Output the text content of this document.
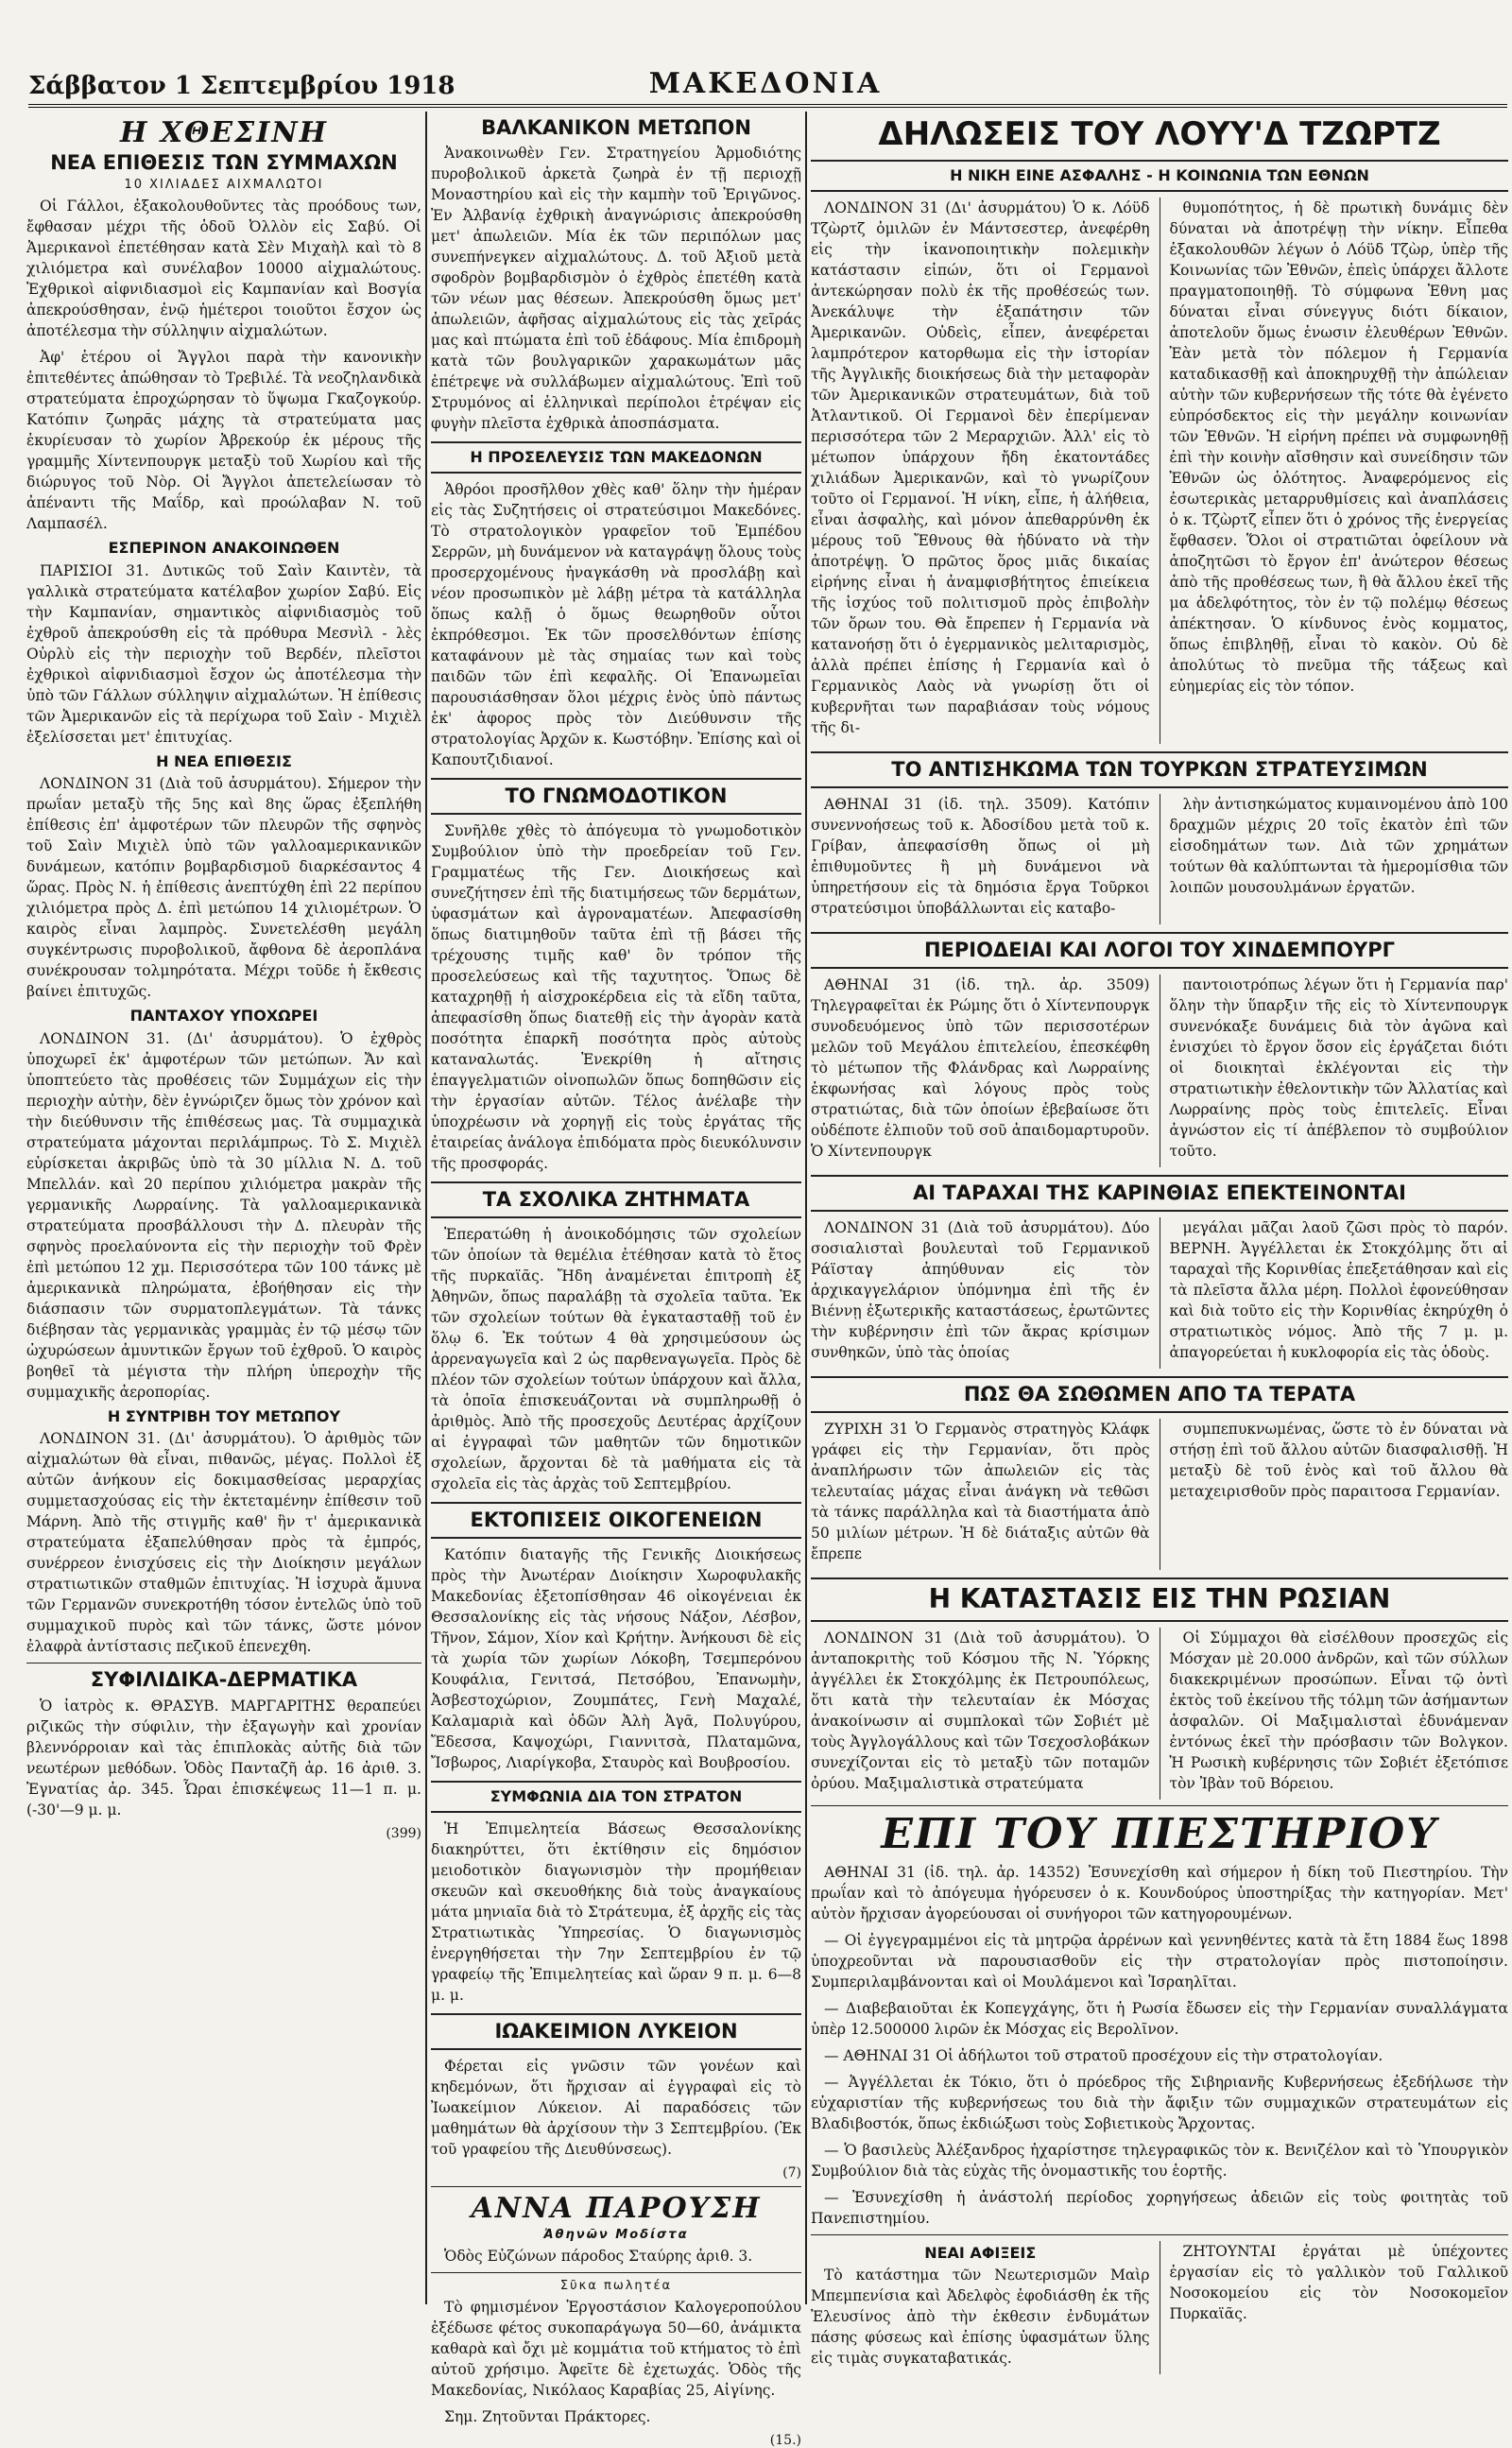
Σάββατον 1 Σεπτεμβρίου 1918	ΜΑΚΕΔΟΝΙΑ
Η ΧΘΕΣΙΝΗ
ΝΕΑ ΕΠΙΘΕΣΙΣ ΤΩΝ ΣΥΜΜΑΧΩΝ
10 ΧΙΛΙΑΔΕΣ ΑΙΧΜΑΛΩΤΟΙ

Οἱ Γάλλοι, ἐξακολουθοῦντες τὰς προόδους των, ἔφθασαν μέχρι τῆς ὁδοῦ Ὀλλὸν εἰς Σαβύ. Οἱ Ἀμερικανοὶ ἐπετέθησαν κατὰ Σὲν Μιχαὴλ καὶ τὸ 8 χιλιόμετρα καὶ συνέλαβον 10000 αἰχμαλώτους. Ἐχθρικοὶ αἰφνιδιασμοὶ εἰς Καμπανίαν καὶ Βοσγία ἀπεκρούσθησαν, ἐνῷ ἡμέτεροι τοιοῦτοι ἔσχον ὡς ἀποτέλεσμα τὴν σύλληψιν αἰχμαλώτων.

Ἀφ' ἑτέρου οἱ Ἄγγλοι παρὰ τὴν κανονικὴν ἐπιτεθέντες ἀπώθησαν τὸ Τρεβιλέ. Τὰ νεοζηλανδικὰ στρατεύματα ἐπροχώρησαν τὸ ὕψωμα Γκαζογκούρ. Κατόπιν ζωηρᾶς μάχης τὰ στρατεύματα μας ἐκυρίευσαν τὸ χωρίον Ἀβρεκούρ ἐκ μέρους τῆς γραμμῆς Χίντενπουργκ μεταξὺ τοῦ Χωρίου καὶ τῆς διώρυγος τοῦ Νὸρ. Οἱ Ἄγγλοι ἀπετελείωσαν τὸ ἀπέναντι τῆς Μαΐδρ, καὶ προώλαβαν Ν. τοῦ Λαμπασέλ.

ΕΣΠΕΡΙΝΟΝ ΑΝΑΚΟΙΝΩΘΕΝ

ΠΑΡΙΣΙΟΙ 31. Δυτικῶς τοῦ Σαὶν Καιντὲν, τὰ γαλλικὰ στρατεύματα κατέλαβον χωρίον Σαβύ. Εἰς τὴν Καμπανίαν, σημαντικὸς αἰφνιδιασμὸς τοῦ ἐχθροῦ ἀπεκρούσθη εἰς τὰ πρόθυρα Μεσνὶλ - λὲς Οὐρλὺ εἰς τὴν περιοχὴν τοῦ Βερδέν, πλεῖστοι ἐχθρικοὶ αἰφνιδιασμοὶ ἔσχον ὡς ἀποτέλεσμα τὴν ὑπὸ τῶν Γάλλων σύλληψιν αἰχμαλώτων. Ἡ ἐπίθεσις τῶν Ἀμερικανῶν εἰς τὰ περίχωρα τοῦ Σαὶν - Μιχιὲλ ἐξελίσσεται μετ' ἐπιτυχίας.

Η ΝΕΑ ΕΠΙΘΕΣΙΣ

ΛΟΝΔΙΝΟΝ 31 (Διὰ τοῦ ἀσυρμάτου). Σήμερον τὴν πρωΐαν μεταξὺ τῆς 5ης καὶ 8ης ὥρας ἐξεπλήθη ἐπίθεσις ἐπ' ἀμφοτέρων τῶν πλευρῶν τῆς σφηνὸς τοῦ Σαὶν Μιχιὲλ ὑπὸ τῶν γαλλοαμερικανικῶν δυνάμεων, κατόπιν βομβαρδισμοῦ διαρκέσαντος 4 ὥρας. Πρὸς Ν. ἡ ἐπίθεσις ἀνεπτύχθη ἐπὶ 22 περίπου χιλιόμετρα πρὸς Δ. ἐπὶ μετώπου 14 χιλιομέτρων. Ὁ καιρὸς εἶναι λαμπρὸς. Συνετελέσθη μεγάλη συγκέντρωσις πυροβολικοῦ, ἄφθονα δὲ ἀεροπλάνα συνέκρουσαν τολμηρότατα. Μέχρι τοῦδε ἡ ἔκθεσις βαίνει ἐπιτυχῶς.

ΠΑΝΤΑΧΟΥ ΥΠΟΧΩΡΕΙ

ΛΟΝΔΙΝΟΝ 31. (Δι' ἀσυρμάτου). Ὁ ἐχθρὸς ὑποχωρεῖ ἐκ' ἀμφοτέρων τῶν μετώπων. Ἄν καὶ ὑποπτεύετο τὰς προθέσεις τῶν Συμμάχων εἰς τὴν περιοχὴν αὐτὴν, δὲν ἐγνώριζεν ὅμως τὸν χρόνον καὶ τὴν διεύθυνσιν τῆς ἐπιθέσεως μας. Τὰ συμμαχικὰ στρατεύματα μάχονται περιλάμπρως. Τὸ Σ. Μιχιὲλ εὑρίσκεται ἀκριβῶς ὑπὸ τὰ 30 μίλλια Ν. Δ. τοῦ Μπελλάν. καὶ 20 περίπου χιλιόμετρα μακρὰν τῆς γερμανικῆς Λωρραίνης. Τὰ γαλλοαμερικανικὰ στρατεύματα προσβάλλουσι τὴν Δ. πλευρὰν τῆς σφηνὸς προελαύνοντα εἰς τὴν περιοχὴν τοῦ Φρὲν ἐπὶ μετώπου 12 χμ. Περισσότερα τῶν 100 τάνκς μὲ ἀμερικανικὰ πληρώματα, ἐβοήθησαν εἰς τὴν διάσπασιν τῶν συρματοπλεγμάτων. Τὰ τάνκς διέβησαν τὰς γερμανικὰς γραμμὰς ἐν τῷ μέσῳ τῶν ὠχυρώσεων ἀμυντικῶν ἔργων τοῦ ἐχθροῦ. Ὁ καιρὸς βοηθεῖ τὰ μέγιστα τὴν πλήρη ὑπεροχὴν τῆς συμμαχικῆς ἀεροπορίας.

Η ΣΥΝΤΡΙΒΗ ΤΟΥ ΜΕΤΩΠΟΥ

ΛΟΝΔΙΝΟΝ 31. (Δι' ἀσυρμάτου). Ὁ ἀριθμὸς τῶν αἰχμαλώτων θὰ εἶναι, πιθανῶς, μέγας. Πολλοὶ ἐξ αὐτῶν ἀνήκουν εἰς δοκιμασθείσας μεραρχίας συμμετασχούσας εἰς τὴν ἐκτεταμένην ἐπίθεσιν τοῦ Μάρνη. Ἀπὸ τῆς στιγμῆς καθ' ἣν τ' ἀμερικανικὰ στρατεύματα ἐξαπελύθησαν πρὸς τὰ ἐμπρός, συνέρρεον ἐνισχύσεις εἰς τὴν Διοίκησιν μεγάλων στρατιωτικῶν σταθμῶν ἐπιτυχίας. Ἡ ἰσχυρὰ ἄμυνα τῶν Γερμανῶν συνεκροτήθη τόσον ἐντελῶς ὑπὸ τοῦ συμμαχικοῦ πυρὸς καὶ τῶν τάνκς, ὥστε μόνον ἐλαφρὰ ἀντίστασις πεζικοῦ ἐπενεχθη.

ΣΥΦΙΛΙΔΙΚΑ-ΔΕΡΜΑΤΙΚΑ

Ὁ ἰατρὸς κ. ΘΡΑΣΥΒ. ΜΑΡΓΑΡΙΤΗΣ θεραπεύει ριζικῶς τὴν σύφιλιν, τὴν ἐξαγωγὴν καὶ χρονίαν βλεννόρροιαν καὶ τὰς ἐπιπλοκὰς αὐτῆς διὰ τῶν νεωτέρων μεθόδων. Ὁδὸς Πανταζῆ ἀρ. 16 ἀριθ. 3. Ἐγνατίας ἀρ. 345. Ὧραι ἐπισκέψεως 11—1 π. μ. (-30'—9 μ. μ.

(399)
ΒΑΛΚΑΝΙΚΟΝ ΜΕΤΩΠΟΝ

Ἀνακοινωθὲν Γεν. Στρατηγείου Ἀρμοδιότης πυροβολικοῦ ἀρκετὰ ζωηρὰ ἐν τῇ περιοχῇ Μοναστηρίου καὶ εἰς τὴν καμπὴν τοῦ Ἐριγῶνος. Ἐν Ἀλβανίᾳ ἐχθρικὴ ἀναγνώρισις ἀπεκρούσθη μετ' ἀπωλειῶν. Μία ἐκ τῶν περιπόλων μας συνεπήνεγκεν αἰχμαλώτους. Δ. τοῦ Ἀξιοῦ μετὰ σφοδρὸν βομβαρδισμὸν ὁ ἐχθρὸς ἐπετέθη κατὰ τῶν νέων μας θέσεων. Ἀπεκρούσθη ὅμως μετ' ἀπωλειῶν, ἀφῆσας αἰχμαλώτους εἰς τὰς χεῖράς μας καὶ πτώματα ἐπὶ τοῦ ἐδάφους. Μία ἐπιδρομὴ κατὰ τῶν βουλγαρικῶν χαρακωμάτων μᾶς ἐπέτρεψε νὰ συλλάβωμεν αἰχμαλώτους. Ἐπὶ τοῦ Στρυμόνος αἱ ἑλληνικαὶ περίπολοι ἐτρέψαν εἰς φυγὴν πλεῖστα ἐχθρικὰ ἀποσπάσματα.

Η ΠΡΟΣΕΛΕΥΣΙΣ ΤΩΝ ΜΑΚΕΔΟΝΩΝ

Ἀθρόοι προσῆλθον χθὲς καθ' ὅλην τὴν ἡμέραν εἰς τὰς Συζητήσεις οἱ στρατεύσιμοι Μακεδόνες. Τὸ στρατολογικὸν γραφεῖον τοῦ Ἐμπέδου Σερρῶν, μὴ δυνάμενον νὰ καταγράψῃ ὅλους τοὺς προσερχομένους ἠναγκάσθη νὰ προσλάβῃ καὶ νέον προσωπικὸν μὲ λάβῃ μέτρα τὰ κατάλληλα ὅπως καλῇ ὁ ὅμως θεωρηθοῦν οὗτοι ἐκπρόθεσμοι. Ἐκ τῶν προσελθόντων ἐπίσης καταφάνουν μὲ τὰς σημαίας των καὶ τοὺς παιδῶν τῶν ἐπὶ κεφαλῆς. Οἱ Ἐπανωμεῖαι παρουσιάσθησαν ὅλοι μέχρις ἑνὸς ὑπὸ πάντως ἐκ' ἀφορος πρὸς τὸν Διεύθυνσιν τῆς στρατολογίας Ἀρχῶν κ. Κωστόβην. Ἐπίσης καὶ οἱ Καπουτζιδιανοί.

ΤΟ ΓΝΩΜΟΔΟΤΙΚΟΝ

Συνῆλθε χθὲς τὸ ἀπόγευμα τὸ γνωμοδοτικὸν Συμβούλιον ὑπὸ τὴν προεδρείαν τοῦ Γεν. Γραμματέως τῆς Γεν. Διοικήσεως καὶ συνεζήτησεν ἐπὶ τῆς διατιμήσεως τῶν δερμάτων, ὑφασμάτων καὶ ἀγροναματέων. Ἀπεφασίσθη ὅπως διατιμηθοῦν ταῦτα ἐπὶ τῇ βάσει τῆς τρέχουσης τιμῆς καθ' ὃν τρόπον τῆς προσελεύσεως καὶ τῆς ταχυτητος. Ὅπως δὲ καταχρηθῇ ἡ αἰσχροκέρδεια εἰς τὰ εἴδη ταῦτα, ἀπεφασίσθη ὅπως διατεθῇ εἰς τὴν ἀγορὰν κατὰ ποσότητα ἐπαρκῆ ποσότητα πρὸς αὐτοὺς καταναλωτάς. Ἐνεκρίθη ἡ αἴτησις ἐπαγγελματιῶν οἰνοπωλῶν ὅπως δοπηθῶσιν εἰς τὴν ἐργασίαν αὐτῶν. Τέλος ἀνέλαβε τὴν ὑποχρέωσιν νὰ χορηγῇ εἰς τοὺς ἐργάτας τῆς ἐταιρείας ἀνάλογα ἐπιδόματα πρὸς διευκόλυνσιν τῆς προσφοράς.

ΤΑ ΣΧΟΛΙΚΑ ΖΗΤΗΜΑΤΑ

Ἐπερατώθη ἡ ἀνοικοδόμησις τῶν σχολείων τῶν ὁποίων τὰ θεμέλια ἐτέθησαν κατὰ τὸ ἔτος τῆς πυρκαϊᾶς. Ἤδη ἀναμένεται ἐπιτροπὴ ἐξ Ἀθηνῶν, ὅπως παραλάβῃ τὰ σχολεῖα ταῦτα. Ἐκ τῶν σχολείων τούτων θὰ ἐγκατασταθῇ τοῦ ἐν ὅλῳ 6. Ἐκ τούτων 4 θὰ χρησιμεύσουν ὡς ἀρρεναγωγεῖα καὶ 2 ὡς παρθεναγωγεῖα. Πρὸς δὲ πλέον τῶν σχολείων τούτων ὑπάρχουν καὶ ἄλλα, τὰ ὁποῖα ἐπισκευάζονται νὰ συμπληρωθῇ ὁ ἀριθμὸς. Ἀπὸ τῆς προσεχοῦς Δευτέρας ἀρχίζουν αἱ ἐγγραφαὶ τῶν μαθητῶν τῶν δημοτικῶν σχολείων, ἄρχονται δὲ τὰ μαθήματα εἰς τὰ σχολεῖα εἰς τὰς ἀρχὰς τοῦ Σεπτεμβρίου.

ΕΚΤΟΠΙΣΕΙΣ ΟΙΚΟΓΕΝΕΙΩΝ

Κατόπιν διαταγῆς τῆς Γενικῆς Διοικήσεως πρὸς τὴν Ἀνωτέραν Διοίκησιν Χωροφυλακῆς Μακεδονίας ἐξετοπίσθησαν 46 οἰκογένειαι ἐκ Θεσσαλονίκης εἰς τὰς νήσους Νάξον, Λέσβον, Τῆνον, Σάμον, Χίον καὶ Κρήτην. Ἀνήκουσι δὲ εἰς τὰ χωρία τῶν χωρίων Λόκοβη, Τσεμπερόνου Κουφάλια, Γενιτσά, Πετσόβου, Ἐπανωμὴν, Ἀσβεστοχώριον, Ζουμπάτες, Γενὴ Μαχαλέ, Καλαμαριὰ καὶ ὁδῶν Ἀλὴ Ἀγᾶ, Πολυγύρου, Ἔδεσσα, Καψοχώρι, Γιαννιτσὰ, Πλαταμῶνα, Ἴσβωρος, Λιαρίγκοβα, Σταυρὸς καὶ Βουβροσίου.

ΣΥΜΦΩΝΙΑ ΔΙΑ ΤΟΝ ΣΤΡΑΤΟΝ

Ἡ Ἐπιμελητεία Βάσεως Θεσσαλονίκης διακηρύττει, ὅτι ἐκτίθησιν εἰς δημόσιον μειοδοτικὸν διαγωνισμὸν τὴν προμήθειαν σκευῶν καὶ σκευοθήκης διὰ τοὺς ἀναγκαίους μάτα μηνιαῖα διὰ τὸ Στράτευμα, ἐξ ἀρχῆς εἰς τὰς Στρατιωτικὰς Ὑπηρεσίας. Ὁ διαγωνισμὸς ἐνεργηθήσεται τὴν 7ην Σεπτεμβρίου ἐν τῷ γραφείῳ τῆς Ἐπιμελητείας καὶ ὥραν 9 π. μ. 6—8 μ. μ.

ΙΩΑΚΕΙΜΙΟΝ ΛΥΚΕΙΟΝ

Φέρεται εἰς γνῶσιν τῶν γονέων καὶ κηδεμόνων, ὅτι ἤρχισαν αἱ ἐγγραφαὶ εἰς τὸ Ἰωακείμιον Λύκειον. Αἱ παραδόσεις τῶν μαθημάτων θὰ ἀρχίσουν τὴν 3 Σεπτεμβρίου. (Ἐκ τοῦ γραφείου τῆς Διευθύνσεως).

(7)
ΑΝΝΑ ΠΑΡΟΥΣΗ
Ἀθηνῶν Μοδίστα

Ὁδὸς Εὐζώνων πάροδος Σταύρης ἀριθ. 3.

Σῦκα πωλητέα

Τὸ φημισμένον Ἐργοστάσιον Καλογεροπούλου ἐξέδωσε φέτος συκοπαράγωγα 50—60, ἀνάμικτα καθαρὰ καὶ ὄχι μὲ κομμάτια τοῦ κτήματος τὸ ἐπὶ αὐτοῦ χρήσιμο. Ἀφεῖτε δὲ ἐχετωχάς. Ὁδὸς τῆς Μακεδονίας, Νικόλαος Καραβίας 25, Αἰγίνης.

Σημ. Ζητοῦνται Πράκτορες.

(15.)
ΔΗΛΩΣΕΙΣ ΤΟΥ ΛΟΥΥ'Δ ΤΖΩΡΤΖ
Η ΝΙΚΗ ΕΙΝΕ ΑΣΦΑΛΗΣ - Η ΚΟΙΝΩΝΙΑ ΤΩΝ ΕΘΝΩΝ

ΛΟΝΔΙΝΟΝ 31 (Δι' ἀσυρμάτου) Ὁ κ. Λόϋδ Τζὼρτζ ὁμιλῶν ἐν Μάντσεστερ, ἀνεφέρθη εἰς τὴν ἱκανοποιητικὴν πολεμικὴν κατάστασιν εἰπών, ὅτι οἱ Γερμανοὶ ἀντεκώρησαν πολὺ ἐκ τῆς προθέσεώς των. Ἀνεκάλυψε τὴν ἐξαπάτησιν τῶν Ἀμερικανῶν. Οὐδεὶς, εἶπεν, ἀνεφέρεται λαμπρότερον κατορθωμα εἰς τὴν ἱστορίαν τῆς Ἀγγλικῆς διοικήσεως διὰ τὴν μεταφορὰν τῶν Ἀμερικανικῶν στρατευμάτων, διὰ τοῦ Ἀτλαντικοῦ. Οἱ Γερμανοὶ δὲν ἐπερίμεναν περισσότερα τῶν 2 Μεραρχιῶν. Ἀλλ' εἰς τὸ μέτωπον ὑπάρχουν ἤδη ἑκατοντάδες χιλιάδων Ἀμερικανῶν, καὶ τὸ γνωρίζουν τοῦτο οἱ Γερμανοί. Ἡ νίκη, εἶπε, ἡ ἀλήθεια, εἶναι ἀσφαλὴς, καὶ μόνον ἀπεθαρρύνθη ἐκ μέρους τοῦ Ἔθνους θὰ ἠδύνατο νὰ τὴν ἀποτρέψῃ. Ὁ πρῶτος ὅρος μιᾶς δικαίας εἰρήνης εἶναι ἡ ἀναμφισβήτητος ἐπιείκεια τῆς ἰσχύος τοῦ πολιτισμοῦ πρὸς ἐπιβολὴν τῶν ὅρων του. Θὰ ἔπρεπεν ἡ Γερμανία νὰ κατανοήσῃ ὅτι ὁ ἐγερμανικὸς μελιταρισμὸς, ἀλλὰ πρέπει ἐπίσης ἡ Γερμανία καὶ ὁ Γερμανικὸς Λαὸς νὰ γνωρίσῃ ὅτι οἱ κυβερνῆται των παραβιάσαν τοὺς νόμους τῆς δι-

θυμοπότητος, ἡ δὲ πρωτικὴ δυνάμις δὲν δύναται νὰ ἀποτρέψῃ τὴν νίκην. Εἶπεθα ἐξακολουθῶν λέγων ὁ Λόϋδ Τζὼρ, ὑπὲρ τῆς Κοινωνίας τῶν Ἐθνῶν, ἐπεὶς ὑπάρχει ἄλλοτε πραγματοποιηθῇ. Τὸ σύμφωνα Ἐθνη μας δύναται εἶναι σύνεγγυς διότι δίκαιον, ἀποτελοῦν ὅμως ἑνωσιν ἐλευθέρων Ἐθνῶν. Ἐὰν μετὰ τὸν πόλεμον ἡ Γερμανία καταδικασθῇ καὶ ἀποκηρυχθῇ τὴν ἀπώλειαν αὐτὴν τῶν κυβερνήσεων τῆς τότε θὰ ἐγένετο εὐπρόσδεκτος εἰς τὴν μεγάλην κοινωνίαν τῶν Ἐθνῶν. Ἡ εἰρήνη πρέπει νὰ συμφωνηθῇ ἐπὶ τὴν κοινὴν αἴσθησιν καὶ συνείδησιν τῶν Ἐθνῶν ὡς ὁλότητος. Ἀναφερόμενος εἰς ἐσωτερικὰς μεταρρυθμίσεις καὶ ἀναπλάσεις ὁ κ. Τζὼρτζ εἶπεν ὅτι ὁ χρόνος τῆς ἐνεργείας ἔφθασεν. Ὅλοι οἱ στρατιῶται ὁφείλουν νὰ ἀποζητῶσι τὸ ἔργον ἐπ' ἀνώτερον θέσεως ἀπὸ τῆς προθέσεως των, ἢ θὰ ἄλλου ἐκεῖ τῆς μα ἀδελφότητος, τὸν ἐν τῷ πολέμῳ θέσεως ἀπέκτησαν. Ὁ κίνδυνος ἐνὸς κομματος, ὅπως ἐπιβληθῇ, εἶναι τὸ κακὸν. Οὐ δὲ ἀπολύτως τὸ πνεῦμα τῆς τάξεως καὶ εὐημερίας εἰς τὸν τόπον.

ΤΟ ΑΝΤΙΣΗΚΩΜΑ ΤΩΝ ΤΟΥΡΚΩΝ ΣΤΡΑΤΕΥΣΙΜΩΝ

ΑΘΗΝΑΙ 31 (ἰδ. τηλ. 3509). Κατόπιν συνεννοήσεως τοῦ κ. Ἀδοσίδου μετὰ τοῦ κ. Γρίβαν, ἀπεφασίσθη ὅπως οἱ μὴ ἐπιθυμοῦντες ἢ μὴ δυνάμενοι νὰ ὑπηρετήσουν εἰς τὰ δημόσια ἔργα Τοῦρκοι στρατεύσιμοι ὑποβάλλωνται εἰς καταβο-

λὴν ἀντισηκώματος κυμαινομένου ἀπὸ 100 δραχμῶν μέχρις 20 τοῖς ἑκατὸν ἐπὶ τῶν εἰσοδημάτων των. Διὰ τῶν χρημάτων τούτων θὰ καλύπτωνται τὰ ἡμερομίσθια τῶν λοιπῶν μουσουλμάνων ἐργατῶν.

ΠΕΡΙΟΔΕΙΑΙ ΚΑΙ ΛΟΓΟΙ ΤΟΥ ΧΙΝΔΕΜΠΟΥΡΓ

ΑΘΗΝΑΙ 31 (ἰδ. τηλ. ἀρ. 3509) Τηλεγραφεῖται ἐκ Ρώμης ὅτι ὁ Χίντενπουργκ συνοδευόμενος ὑπὸ τῶν περισσοτέρων μελῶν τοῦ Μεγάλου ἐπιτελείου, ἐπεσκέφθη τὸ μέτωπον τῆς Φλάνδρας καὶ Λωρραίνης ἐκφωνήσας καὶ λόγους πρὸς τοὺς στρατιώτας, διὰ τῶν ὁποίων ἐβεβαίωσε ὅτι οὐδέποτε ἐλπιοῦν τοῦ σοῦ ἀπαιδομαρτυροῦν. Ὁ Χίντενπουργκ

παντοιοτρόπως λέγων ὅτι ἡ Γερμανία παρ' ὅλην τὴν ὕπαρξιν τῆς εἰς τὸ Χίντενπουργκ συνενόκαξε δυνάμεις διὰ τὸν ἀγῶνα καὶ ἐνισχύει τὸ ἔργον ὅσον εἰς ἐργάζεται διότι οἱ διοικηταὶ ἐκλέγονται εἰς τὴν στρατιωτικὴν ἐθελοντικὴν τῶν Ἀλλατίας καὶ Λωρραίνης πρὸς τοὺς ἐπιτελεῖς. Εἶναι ἀγνώστον εἰς τί ἀπέβλεπον τὸ συμβούλιον τοῦτο.

ΑΙ ΤΑΡΑΧΑΙ ΤΗΣ ΚΑΡΙΝΘΙΑΣ ΕΠΕΚΤΕΙΝΟΝΤΑΙ

ΛΟΝΔΙΝΟΝ 31 (Διὰ τοῦ ἀσυρμάτου). Δύο σοσιαλισταὶ βουλευταὶ τοῦ Γερμανικοῦ Ράϊσταγ ἀπηύθυναν εἰς τὸν ἀρχικαγγελάριον ὑπόμνημα ἐπὶ τῆς ἐν Βιέννῃ ἐξωτερικῆς καταστάσεως, ἐρωτῶντες τὴν κυβέρνησιν ἐπὶ τῶν ἄκρας κρίσιμων συνθηκῶν, ὑπὸ τὰς ὁποίας

μεγάλαι μᾶζαι λαοῦ ζῶσι πρὸς τὸ παρόν. ΒΕΡΝΗ. Ἀγγέλλεται ἐκ Στοκχόλμης ὅτι αἱ ταραχαὶ τῆς Κορινθίας ἐπεξετάθησαν καὶ εἰς τὰ πλεῖστα ἄλλα μέρη. Πολλοὶ ἐφονεύθησαν καὶ διὰ τοῦτο εἰς τὴν Κορινθίας ἐκηρύχθη ὁ στρατιωτικὸς νόμος. Ἀπὸ τῆς 7 μ. μ. ἀπαγορεύεται ἡ κυκλοφορία εἰς τὰς ὁδοὺς.

ΠΩΣ ΘΑ ΣΩΘΩΜΕΝ ΑΠΟ ΤΑ ΤΕΡΑΤΑ

ΖΥΡΙΧΗ 31 Ὁ Γερμανὸς στρατηγὸς Κλάφκ γράφει εἰς τὴν Γερμανίαν, ὅτι πρὸς ἀναπλήρωσιν τῶν ἀπωλειῶν εἰς τὰς τελευταίας μάχας εἶναι ἀνάγκη νὰ τεθῶσι τὰ τάνκς παράλληλα καὶ τὰ διαστήματα ἀπὸ 50 μιλίων μέτρων. Ἡ δὲ διάταξις αὐτῶν θὰ ἔπρεπε

συμπεπυκνωμένας, ὥστε τὸ ἐν δύναται νὰ στήσῃ ἐπὶ τοῦ ἄλλου αὐτῶν διασφαλισθῇ. Ἡ μεταξὺ δὲ τοῦ ἑνὸς καὶ τοῦ ἄλλου θὰ μεταχειρισθοῦν πρὸς παραιτοσα Γερμανίαν.

Η ΚΑΤΑΣΤΑΣΙΣ ΕΙΣ ΤΗΝ ΡΩΣΙΑΝ

ΛΟΝΔΙΝΟΝ 31 (Διὰ τοῦ ἀσυρμάτου). Ὁ ἀνταποκριτὴς τοῦ Κόσμου τῆς Ν. Ὑόρκης ἀγγέλλει ἐκ Στοκχόλμης ἐκ Πετρουπόλεως, ὅτι κατὰ τὴν τελευταίαν ἐκ Μόσχας ἀνακοίνωσιν αἱ συμπλοκαὶ τῶν Σοβιέτ μὲ τοὺς Ἀγγλογάλλους καὶ τῶν Τσεχοσλοβάκων συνεχίζονται εἰς τὸ μεταξὺ τῶν ποταμῶν ὀρύου. Μαξιμαλιστικὰ στρατεύματα

Οἱ Σύμμαχοι θὰ εἰσέλθουν προσεχῶς εἰς Μόσχαν μὲ 20.000 ἀνδρῶν, καὶ τῶν σύλλων διακεκριμένων προσώπων. Εἶναι τῷ ὀντὶ ἐκτὸς τοῦ ἐκείνου τῆς τόλμη τῶν ἀσήμαντων ἀσφαλῶν. Οἱ Μαξιμαλισταὶ ἐδυνάμεναν ἐντόνως ἐκεῖ τὴν πρόσβασιν τῶν Βολγκον. Ἡ Ρωσικὴ κυβέρνησις τῶν Σοβιέτ ἐξετόπισε τὸν Ἰβὰν τοῦ Βόρειου.

ΕΠΙ ΤΟΥ ΠΙΕΣΤΗΡΙΟΥ

ΑΘΗΝΑΙ 31 (ἰδ. τηλ. ἀρ. 14352) Ἐσυνεχίσθη καὶ σήμερον ἡ δίκη τοῦ Πιεστηρίου. Τὴν πρωΐαν καὶ τὸ ἀπόγευμα ἡγόρευσεν ὁ κ. Κουνδούρος ὑποστηρίξας τὴν κατηγορίαν. Μετ' αὐτὸν ἤρχισαν ἀγορεύουσαι οἱ συνήγοροι τῶν κατηγορουμένων.

— Οἱ ἐγγεγραμμένοι εἰς τὰ μητρῷα ἀρρένων καὶ γεννηθέντες κατὰ τὰ ἔτη 1884 ἕως 1898 ὑποχρεοῦνται νὰ παρουσιασθοῦν εἰς τὴν στρατολογίαν πρὸς πιστοποίησιν. Συμπεριλαμβάνονται καὶ οἱ Μουλάμενοι καὶ Ἰσραηλῖται.

— Διαβεβαιοῦται ἐκ Κοπεγχάγης, ὅτι ἡ Ρωσία ἔδωσεν εἰς τὴν Γερμανίαν συναλλάγματα ὑπὲρ 12.500000 λιρῶν ἐκ Μόσχας εἰς Βερολῖνον.

— ΑΘΗΝΑΙ 31 Οἱ ἀδήλωτοι τοῦ στρατοῦ προσέχουν εἰς τὴν στρατολογίαν.

— Ἀγγέλλεται ἐκ Τόκιο, ὅτι ὁ πρόεδρος τῆς Σιβηριανῆς Κυβερνήσεως ἐξεδήλωσε τὴν εὐχαριστίαν τῆς κυβερνήσεως του διὰ τὴν ἄφιξιν τῶν συμμαχικῶν στρατευμάτων εἰς Βλαδιβοστόκ, ὅπως ἐκδιώξωσι τοὺς Σοβιετικοὺς Ἄρχοντας.

— Ὁ βασιλεὺς Ἀλέξανδρος ἠχαρίστησε τηλεγραφικῶς τὸν κ. Βενιζέλον καὶ τὸ Ὑπουργικὸν Συμβούλιον διὰ τὰς εὐχὰς τῆς ὀνομαστικῆς του ἑορτῆς.

— Ἐσυνεχίσθη ἡ ἀνάστολή περίοδος χορηγήσεως ἀδειῶν εἰς τοὺς φοιτητὰς τοῦ Πανεπιστημίου.

ΝΕΑΙ ΑΦΙΞΕΙΣ

Τὸ κατάστημα τῶν Νεωτερισμῶν Μαὶρ Μπεμπενίσια καὶ Ἀδελφὸς ἐφοδιάσθη ἐκ τῆς Ἐλευσίνος ἀπὸ τὴν ἐκθεσιν ἐνδυμάτων πάσης φύσεως καὶ ἐπίσης ὑφασμάτων ὕλης εἰς τιμὰς συγκαταβατικάς.

ΖΗΤΟΥΝΤΑΙ ἐργάται μὲ ὑπέχοντες ἐργασίαν εἰς τὸ γαλλικὸν τοῦ Γαλλικοῦ Νοσοκομείου εἰς τὸν Νοσοκομεῖον Πυρκαϊᾶς.
